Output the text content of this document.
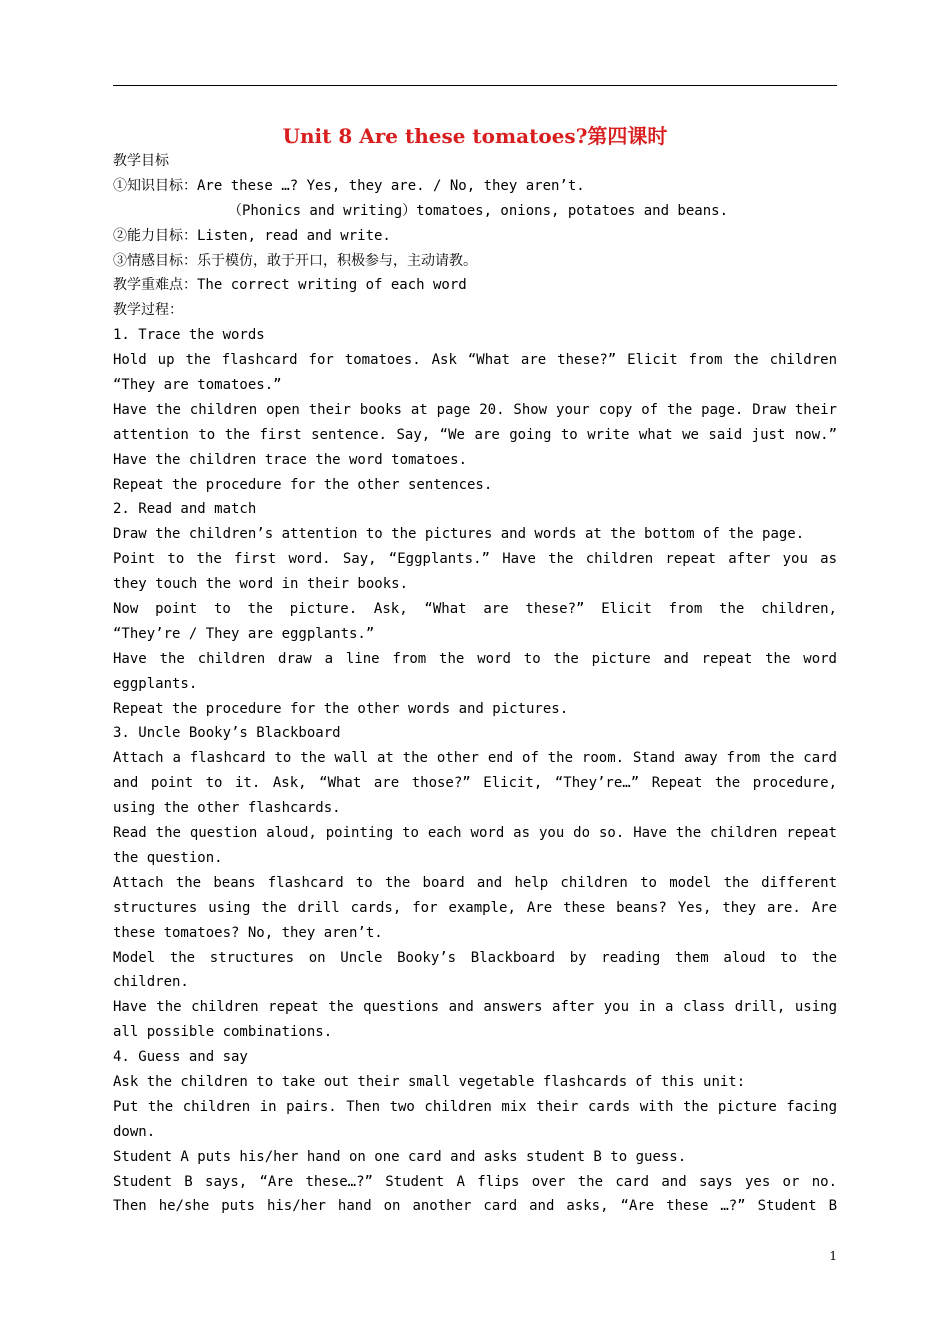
Unit 8 Are these tomatoes?第四课时
教学目标
①知识目标：Are these …? Yes, they are. / No, they aren’t.
（Phonics and writing）tomatoes, onions, potatoes and beans.
②能力目标：Listen, read and write.
③情感目标：乐于模仿，敢于开口，积极参与，主动请教。
教学重难点：The correct writing of each word
教学过程：
1. Trace the words
Hold up the flashcard for tomatoes. Ask “What are these?” Elicit from the children
“They are tomatoes.”
Have the children open their books at page 20. Show your copy of the page. Draw their
attention to the first sentence. Say, “We are going to write what we said just now.”
Have the children trace the word tomatoes.
Repeat the procedure for the other sentences.
2. Read and match
Draw the children’s attention to the pictures and words at the bottom of the page.
Point to the first word. Say, “Eggplants.” Have the children repeat after you as
they touch the word in their books.
Now point to the picture. Ask, “What are these?” Elicit from the children,
“They’re / They are eggplants.”
Have the children draw a line from the word to the picture and repeat the word
eggplants.
Repeat the procedure for the other words and pictures.
3. Uncle Booky’s Blackboard
Attach a flashcard to the wall at the other end of the room. Stand away from the card
and point to it. Ask, “What are those?” Elicit, “They’re…” Repeat the procedure,
using the other flashcards.
Read the question aloud, pointing to each word as you do so. Have the children repeat
the question.
Attach the beans flashcard to the board and help children to model the different
structures using the drill cards, for example, Are these beans? Yes, they are. Are
these tomatoes? No, they aren’t.
Model the structures on Uncle Booky’s Blackboard by reading them aloud to the
children.
Have the children repeat the questions and answers after you in a class drill, using
all possible combinations.
4. Guess and say
Ask the children to take out their small vegetable flashcards of this unit:
Put the children in pairs. Then two children mix their cards with the picture facing
down.
Student A puts his/her hand on one card and asks student B to guess.
Student B says, “Are these…?” Student A flips over the card and says yes or no.
Then he/she puts his/her hand on another card and asks, “Are these …?” Student B
1
